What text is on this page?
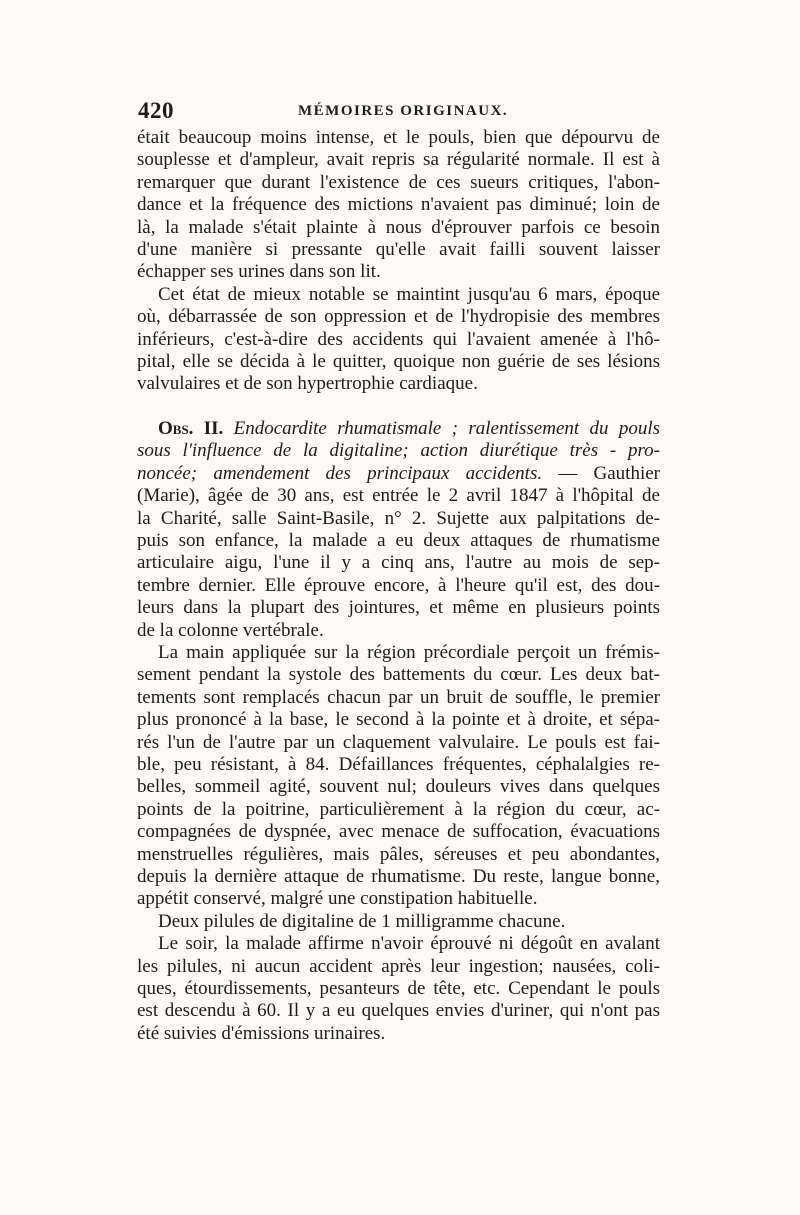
420	MÉMOIRES ORIGINAUX.
était beaucoup moins intense, et le pouls, bien que dépourvu de
souplesse et d'ampleur, avait repris sa régularité normale. Il est à
remarquer que durant l'existence de ces sueurs critiques, l'abon-
dance et la fréquence des mictions n'avaient pas diminué; loin de
là, la malade s'était plainte à nous d'éprouver parfois ce besoin
d'une manière si pressante qu'elle avait failli souvent laisser
échapper ses urines dans son lit.
Cet état de mieux notable se maintint jusqu'au 6 mars, époque
où, débarrassée de son oppression et de l'hydropisie des membres
inférieurs, c'est-à-dire des accidents qui l'avaient amenée à l'hô-
pital, elle se décida à le quitter, quoique non guérie de ses lésions
valvulaires et de son hypertrophie cardiaque.
Obs. II. Endocardite rhumatismale ; ralentissement du pouls
sous l'influence de la digitaline; action diurétique très - pro-
noncée; amendement des principaux accidents. — Gauthier
(Marie), âgée de 30 ans, est entrée le 2 avril 1847 à l'hôpital de
la Charité, salle Saint-Basile, n° 2. Sujette aux palpitations de-
puis son enfance, la malade a eu deux attaques de rhumatisme
articulaire aigu, l'une il y a cinq ans, l'autre au mois de sep-
tembre dernier. Elle éprouve encore, à l'heure qu'il est, des dou-
leurs dans la plupart des jointures, et même en plusieurs points
de la colonne vertébrale.
La main appliquée sur la région précordiale perçoit un frémis-
sement pendant la systole des battements du cœur. Les deux bat-
tements sont remplacés chacun par un bruit de souffle, le premier
plus prononcé à la base, le second à la pointe et à droite, et sépa-
rés l'un de l'autre par un claquement valvulaire. Le pouls est fai-
ble, peu résistant, à 84. Défaillances fréquentes, céphalalgies re-
belles, sommeil agité, souvent nul; douleurs vives dans quelques
points de la poitrine, particulièrement à la région du cœur, ac-
compagnées de dyspnée, avec menace de suffocation, évacuations
menstruelles régulières, mais pâles, séreuses et peu abondantes,
depuis la dernière attaque de rhumatisme. Du reste, langue bonne,
appétit conservé, malgré une constipation habituelle.
Deux pilules de digitaline de 1 milligramme chacune.
Le soir, la malade affirme n'avoir éprouvé ni dégoût en avalant
les pilules, ni aucun accident après leur ingestion; nausées, coli-
ques, étourdissements, pesanteurs de tête, etc. Cependant le pouls
est descendu à 60. Il y a eu quelques envies d'uriner, qui n'ont pas
été suivies d'émissions urinaires.
